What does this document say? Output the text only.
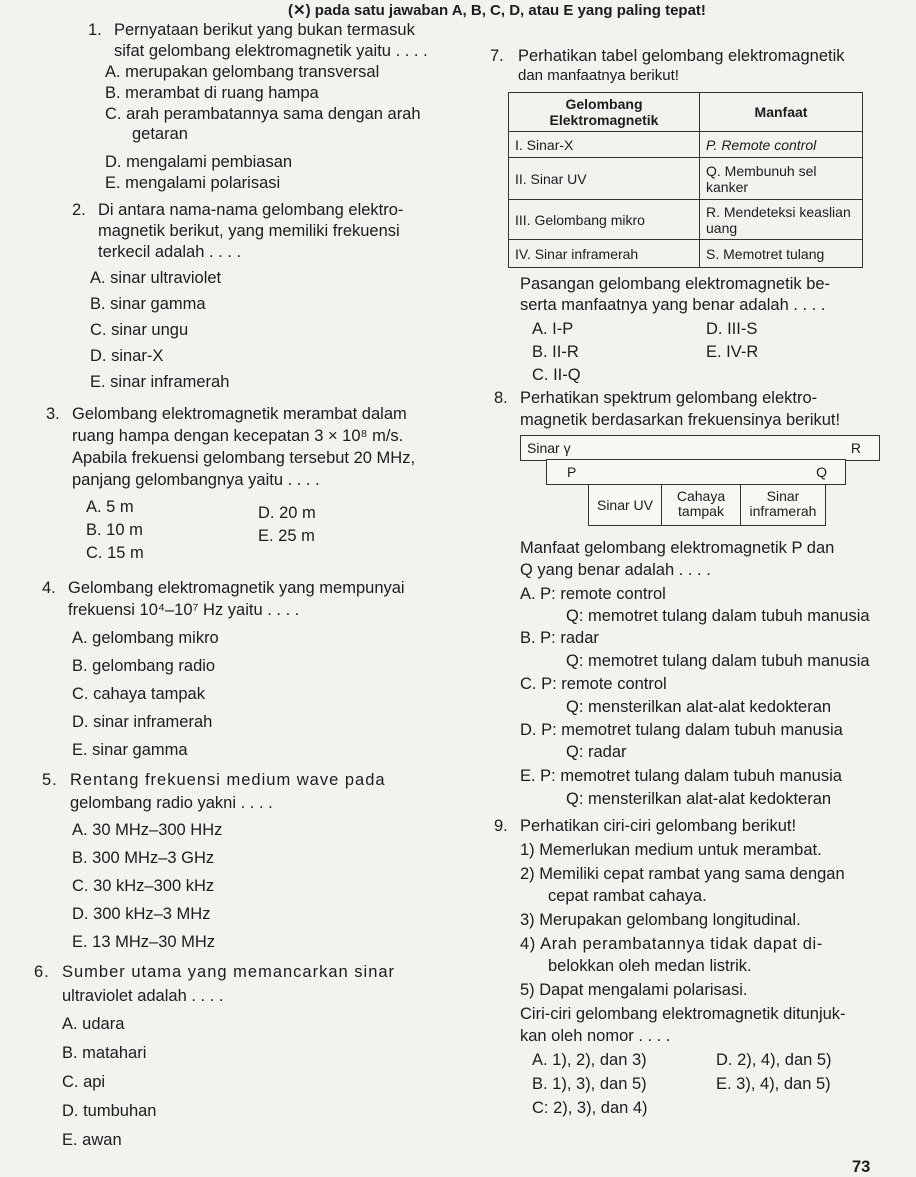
(✕) pada satu jawaban A, B, C, D, atau E yang paling tepat!
1. Pernyataan berikut yang bukan termasuk
sifat gelombang elektromagnetik yaitu . . . .
A. merupakan gelombang transversal
B. merambat di ruang hampa
C. arah perambatannya sama dengan arah
getaran
D. mengalami pembiasan
E. mengalami polarisasi
2. Di antara nama-nama gelombang elektro-
magnetik berikut, yang memiliki frekuensi
terkecil adalah . . . .
A. sinar ultraviolet
B. sinar gamma
C. sinar ungu
D. sinar-X
E. sinar inframerah
3. Gelombang elektromagnetik merambat dalam
ruang hampa dengan kecepatan 3 × 10⁸ m/s.
Apabila frekuensi gelombang tersebut 20 MHz,
panjang gelombangnya yaitu . . . .
A. 5 m
B. 10 m
C. 15 m
D. 20 m
E. 25 m
4. Gelombang elektromagnetik yang mempunyai
frekuensi 10⁴–10⁷ Hz yaitu . . . .
A. gelombang mikro
B. gelombang radio
C. cahaya tampak
D. sinar inframerah
E. sinar gamma
5. Rentang frekuensi medium wave pada
gelombang radio yakni . . . .
A. 30 MHz–300 HHz
B. 300 MHz–3 GHz
C. 30 kHz–300 kHz
D. 300 kHz–3 MHz
E. 13 MHz–30 MHz
6. Sumber utama yang memancarkan sinar
ultraviolet adalah . . . .
A. udara
B. matahari
C. api
D. tumbuhan
E. awan
7. Perhatikan tabel gelombang elektromagnetik
dan manfaatnya berikut!
Gelombang Elektromagnetik	Manfaat
I. Sinar-X	P. Remote control
II. Sinar UV	Q. Membunuh sel kanker
III. Gelombang mikro	R. Mendeteksi keaslian uang
IV. Sinar inframerah	S. Memotret tulang
Pasangan gelombang elektromagnetik be-
serta manfaatnya yang benar adalah . . . .
A. I-P
B. II-R
C. II-Q
D. III-S
E. IV-R
8. Perhatikan spektrum gelombang elektro-
magnetik berdasarkan frekuensinya berikut!
Sinar γ	R
P	Q
Sinar UV
Cahaya tampak
Sinar inframerah
Manfaat gelombang elektromagnetik P dan
Q yang benar adalah . . . .
A. P: remote control
Q: memotret tulang dalam tubuh manusia
B. P: radar
Q: memotret tulang dalam tubuh manusia
C. P: remote control
Q: mensterilkan alat-alat kedokteran
D. P: memotret tulang dalam tubuh manusia
Q: radar
E. P: memotret tulang dalam tubuh manusia
Q: mensterilkan alat-alat kedokteran
9. Perhatikan ciri-ciri gelombang berikut!
1) Memerlukan medium untuk merambat.
2) Memiliki cepat rambat yang sama dengan
cepat rambat cahaya.
3) Merupakan gelombang longitudinal.
4) Arah perambatannya tidak dapat di-
belokkan oleh medan listrik.
5) Dapat mengalami polarisasi.
Ciri-ciri gelombang elektromagnetik ditunjuk-
kan oleh nomor . . . .
A. 1), 2), dan 3)
B. 1), 3), dan 5)
C: 2), 3), dan 4)
D. 2), 4), dan 5)
E. 3), 4), dan 5)
73
